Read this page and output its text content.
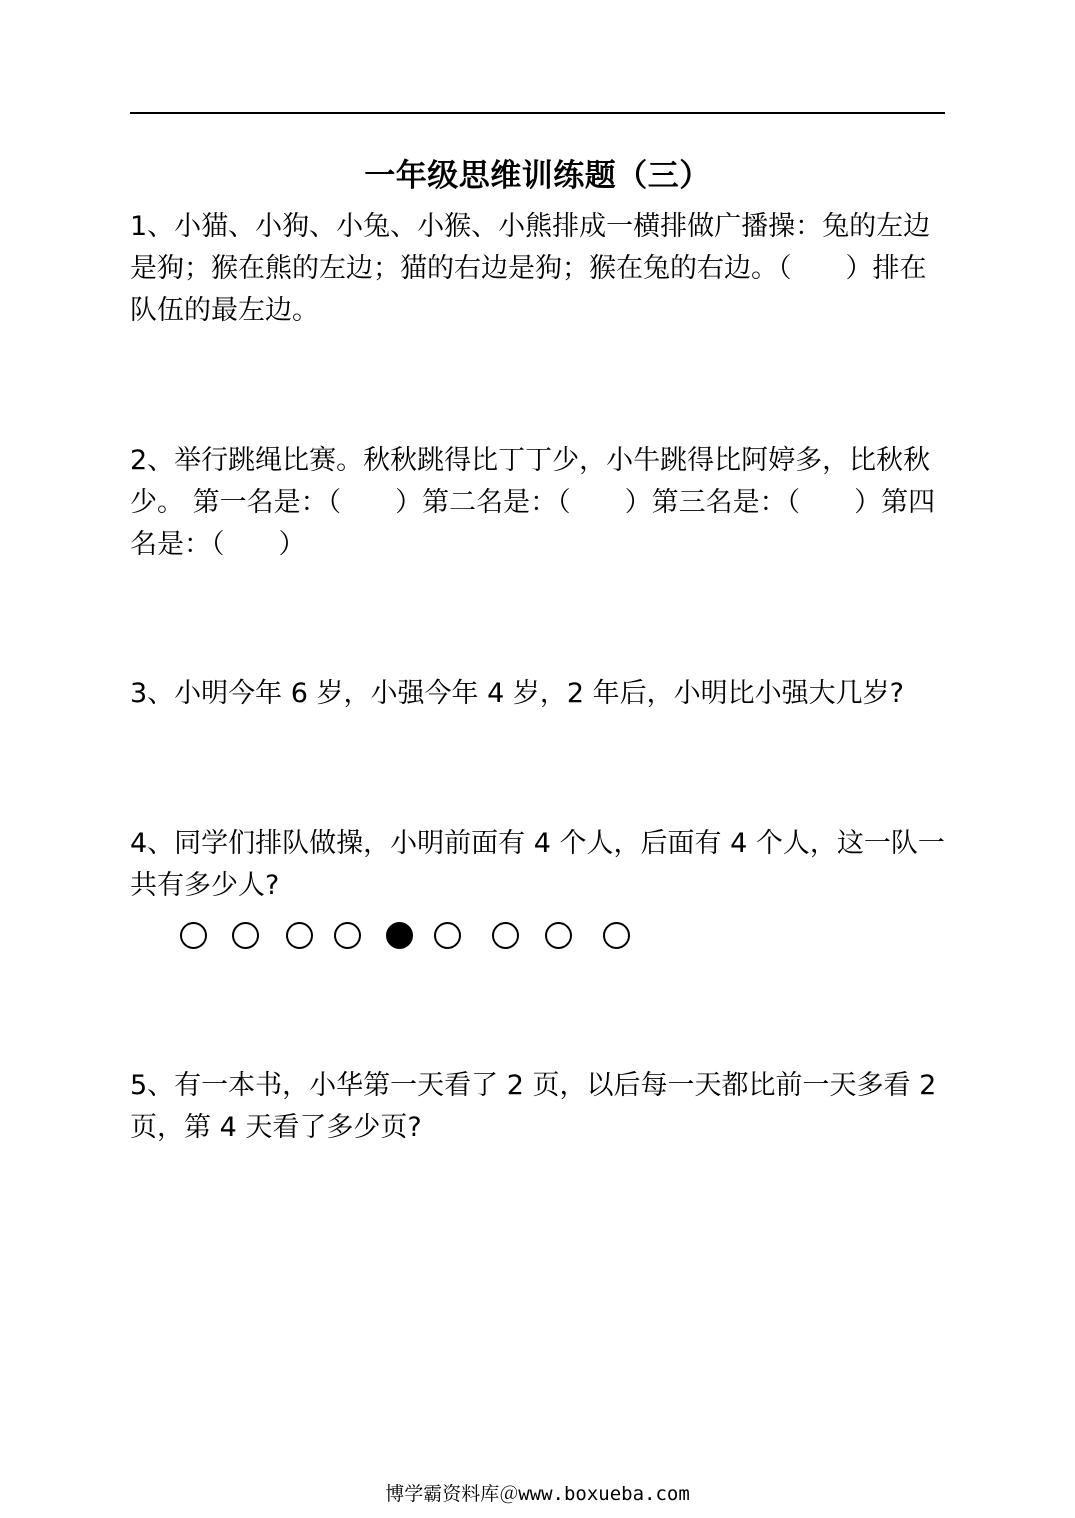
一年级思维训练题（三）
1、小猫、小狗、小兔、小猴、小熊排成一横排做广播操：兔的左边是狗；猴在熊的左边；猫的右边是狗；猴在兔的右边。（　　）排在队伍的最左边。
2、举行跳绳比赛。秋秋跳得比丁丁少，小牛跳得比阿婷多，比秋秋少。 第一名是：（　　）第二名是：（　　）第三名是：（　　）第四名是：（　　）
3、小明今年 6 岁，小强今年 4 岁，2 年后，小明比小强大几岁?
4、同学们排队做操，小明前面有 4 个人，后面有 4 个人，这一队一共有多少人?
5、有一本书，小华第一天看了 2 页，以后每一天都比前一天多看 2 页，第 4 天看了多少页?
博学霸资料库＠www.boxueba.com
